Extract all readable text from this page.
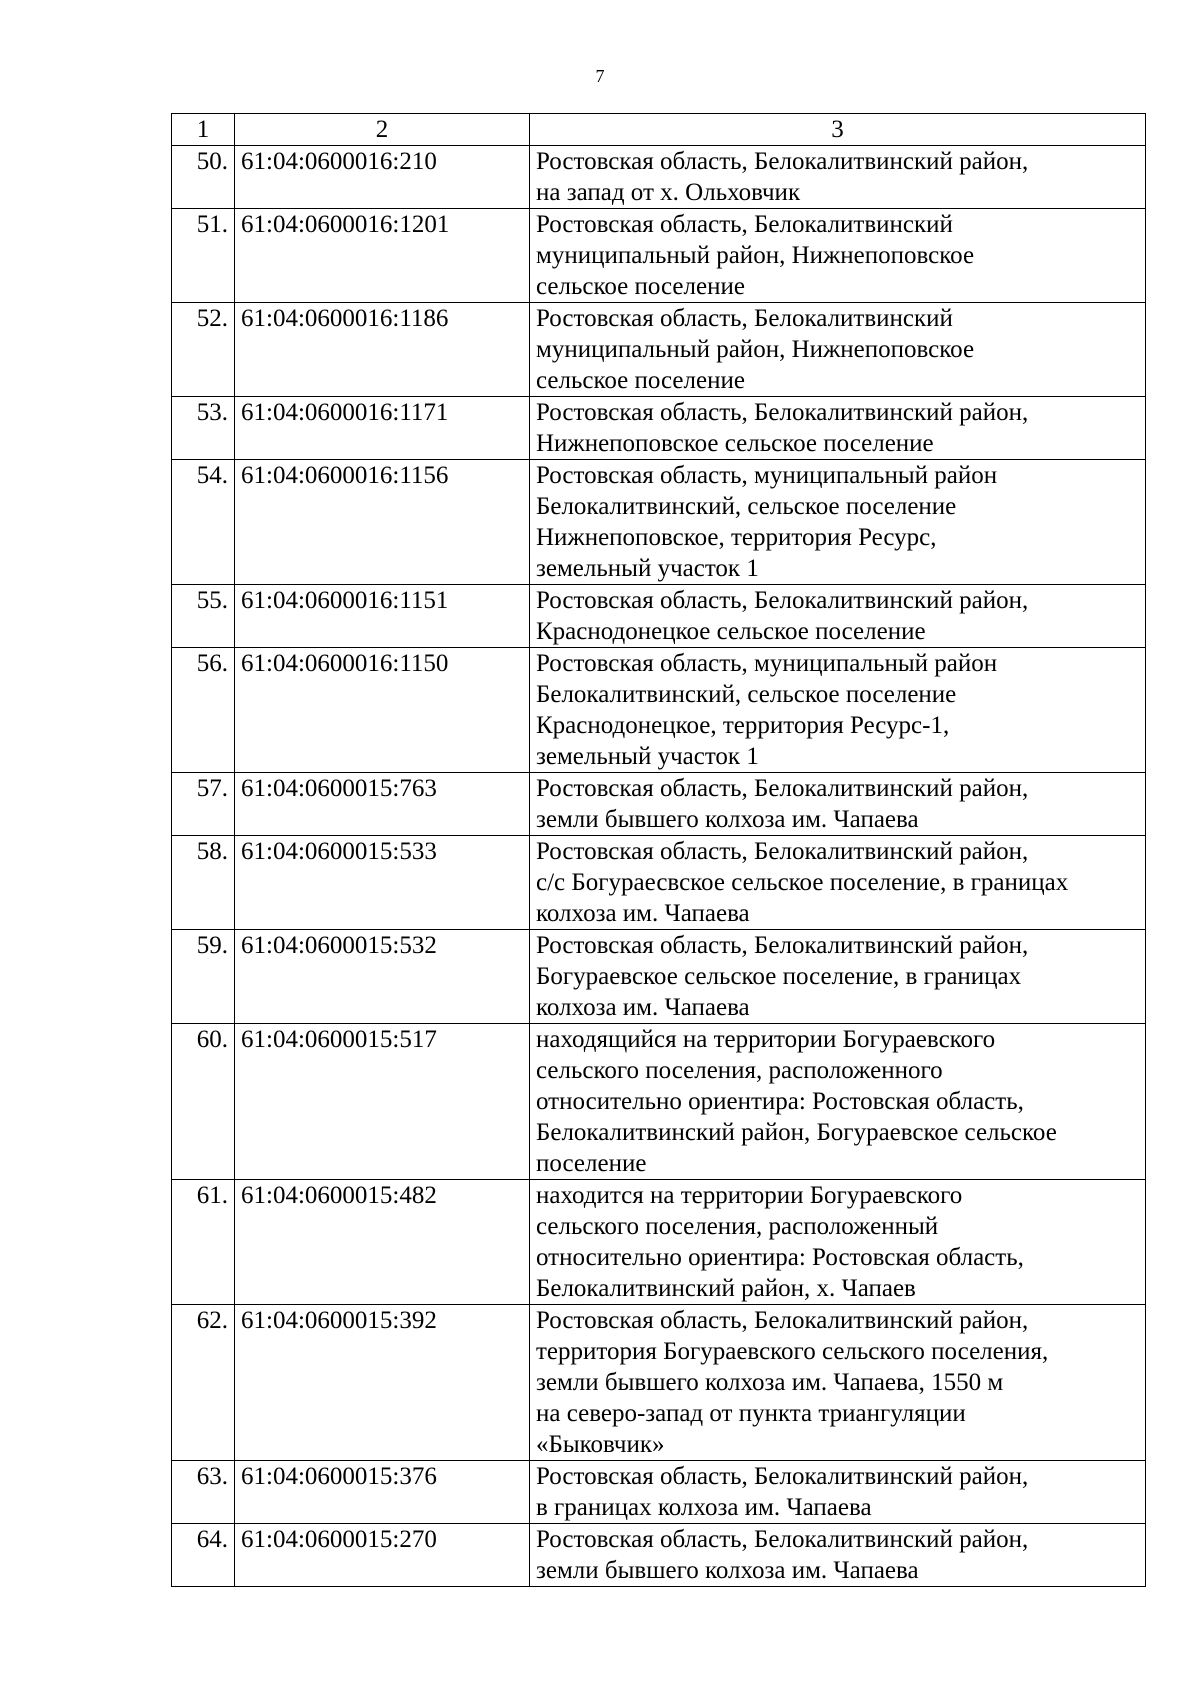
7
1	2	3
50.	61:04:0600016:210	Ростовская область, Белокалитвинский район,
на запад от х. Ольховчик

51.	61:04:0600016:1201	Ростовская область, Белокалитвинский
муниципальный район, Нижнепоповское
сельское поселение

52.	61:04:0600016:1186	Ростовская область, Белокалитвинский
муниципальный район, Нижнепоповское
сельское поселение

53.	61:04:0600016:1171	Ростовская область, Белокалитвинский район,
Нижнепоповское сельское поселение

54.	61:04:0600016:1156	Ростовская область, муниципальный район
Белокалитвинский, сельское поселение
Нижнепоповское, территория Ресурс,
земельный участок 1

55.	61:04:0600016:1151	Ростовская область, Белокалитвинский район,
Краснодонецкое сельское поселение

56.	61:04:0600016:1150	Ростовская область, муниципальный район
Белокалитвинский, сельское поселение
Краснодонецкое, территория Ресурс-1,
земельный участок 1

57.	61:04:0600015:763	Ростовская область, Белокалитвинский район,
земли бывшего колхоза им. Чапаева

58.	61:04:0600015:533	Ростовская область, Белокалитвинский район,
с/с Богураесвское сельское поселение, в границах
колхоза им. Чапаева

59.	61:04:0600015:532	Ростовская область, Белокалитвинский район,
Богураевское сельское поселение, в границах
колхоза им. Чапаева

60.	61:04:0600015:517	находящийся на территории Богураевского
сельского поселения, расположенного
относительно ориентира: Ростовская область,
Белокалитвинский район, Богураевское сельское
поселение

61.	61:04:0600015:482	находится на территории Богураевского
сельского поселения, расположенный
относительно ориентира: Ростовская область,
Белокалитвинский район, х. Чапаев

62.	61:04:0600015:392	Ростовская область, Белокалитвинский район,
территория Богураевского сельского поселения,
земли бывшего колхоза им. Чапаева, 1550 м
на северо-запад от пункта триангуляции
«Быковчик»

63.	61:04:0600015:376	Ростовская область, Белокалитвинский район,
в границах колхоза им. Чапаева

64.	61:04:0600015:270	Ростовская область, Белокалитвинский район,
земли бывшего колхоза им. Чапаева
